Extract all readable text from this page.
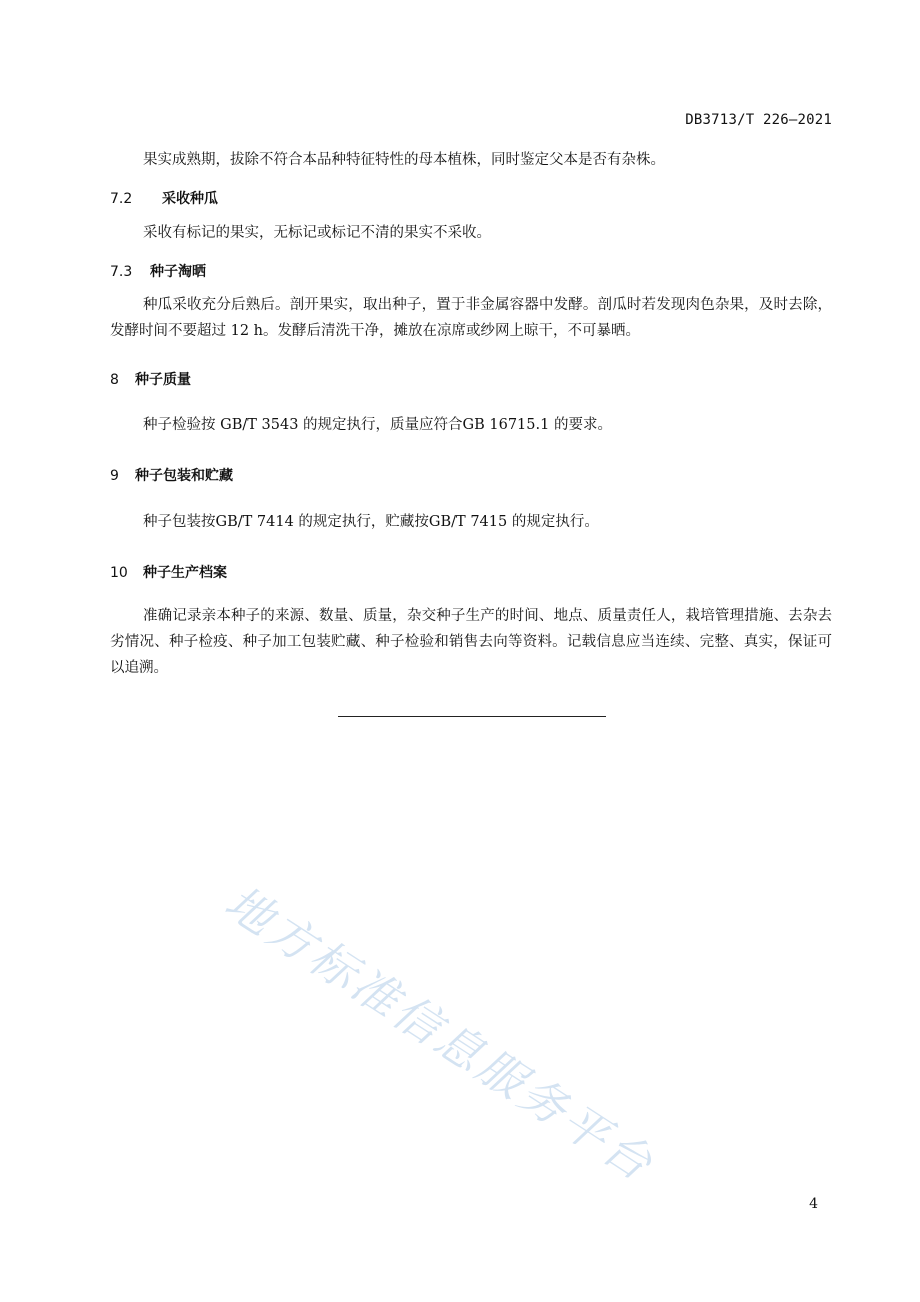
DB3713/T 226—2021
果实成熟期，拔除不符合本品种特征特性的母本植株，同时鉴定父本是否有杂株。
7.2 采收种瓜
采收有标记的果实，无标记或标记不清的果实不采收。
7.3 种子淘晒
种瓜采收充分后熟后。剖开果实，取出种子，置于非金属容器中发酵。剖瓜时若发现肉色杂果，及时去除，发酵时间不要超过 12 h。发酵后清洗干净，摊放在凉席或纱网上晾干，不可暴晒。
8 种子质量
种子检验按 GB/T 3543 的规定执行，质量应符合GB 16715.1 的要求。
9 种子包装和贮藏
种子包装按GB/T 7414 的规定执行，贮藏按GB/T 7415 的规定执行。
10 种子生产档案
准确记录亲本种子的来源、数量、质量，杂交种子生产的时间、地点、质量责任人，栽培管理措施、去杂去劣情况、种子检疫、种子加工包装贮藏、种子检验和销售去向等资料。记载信息应当连续、完整、真实，保证可以追溯。
地方标准信息服务平台
4
